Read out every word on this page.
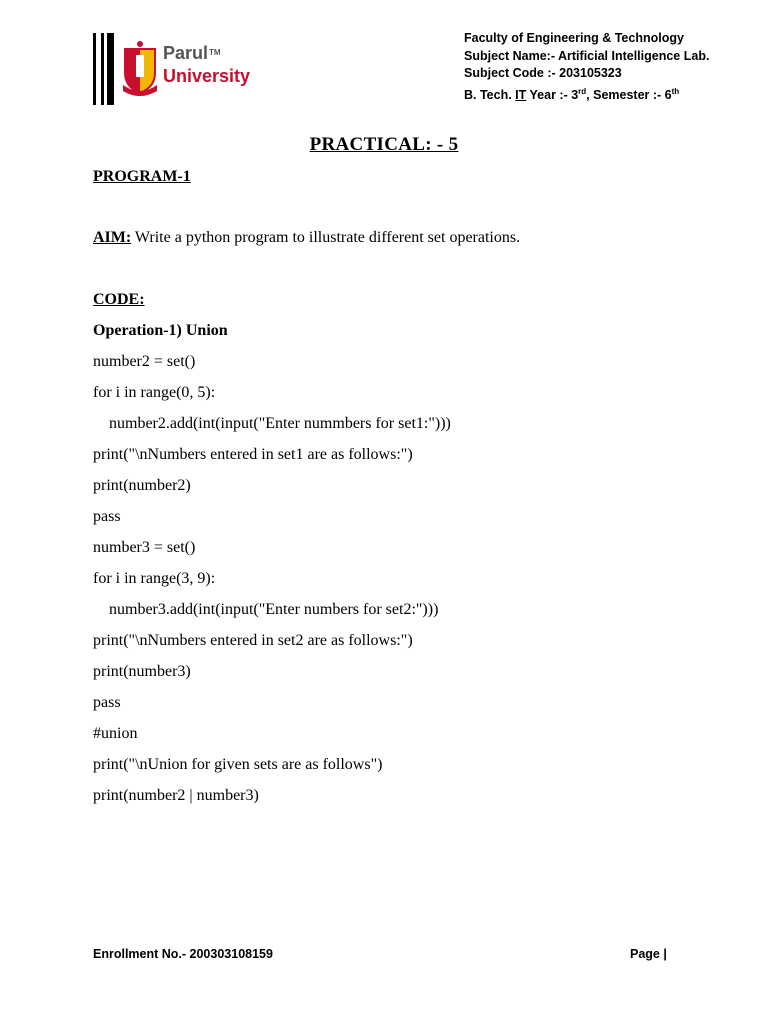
Parul™
University
Faculty of Engineering & Technology
Subject Name:- Artificial Intelligence Lab.
Subject Code :- 203105323
B. Tech. IT Year :- 3rd, Semester :- 6th
PRACTICAL: - 5
PROGRAM-1
AIM: Write a python program to illustrate different set operations.
CODE:
Operation-1) Union
number2 = set()
for i in range(0, 5):
number2.add(int(input("Enter nummbers for set1:")))
print("\nNumbers entered in set1 are as follows:")
print(number2)
pass
number3 = set()
for i in range(3, 9):
number3.add(int(input("Enter numbers for set2:")))
print("\nNumbers entered in set2 are as follows:")
print(number3)
pass
#union
print("\nUnion for given sets are as follows")
print(number2 | number3)
Enrollment No.- 200303108159	Page |
